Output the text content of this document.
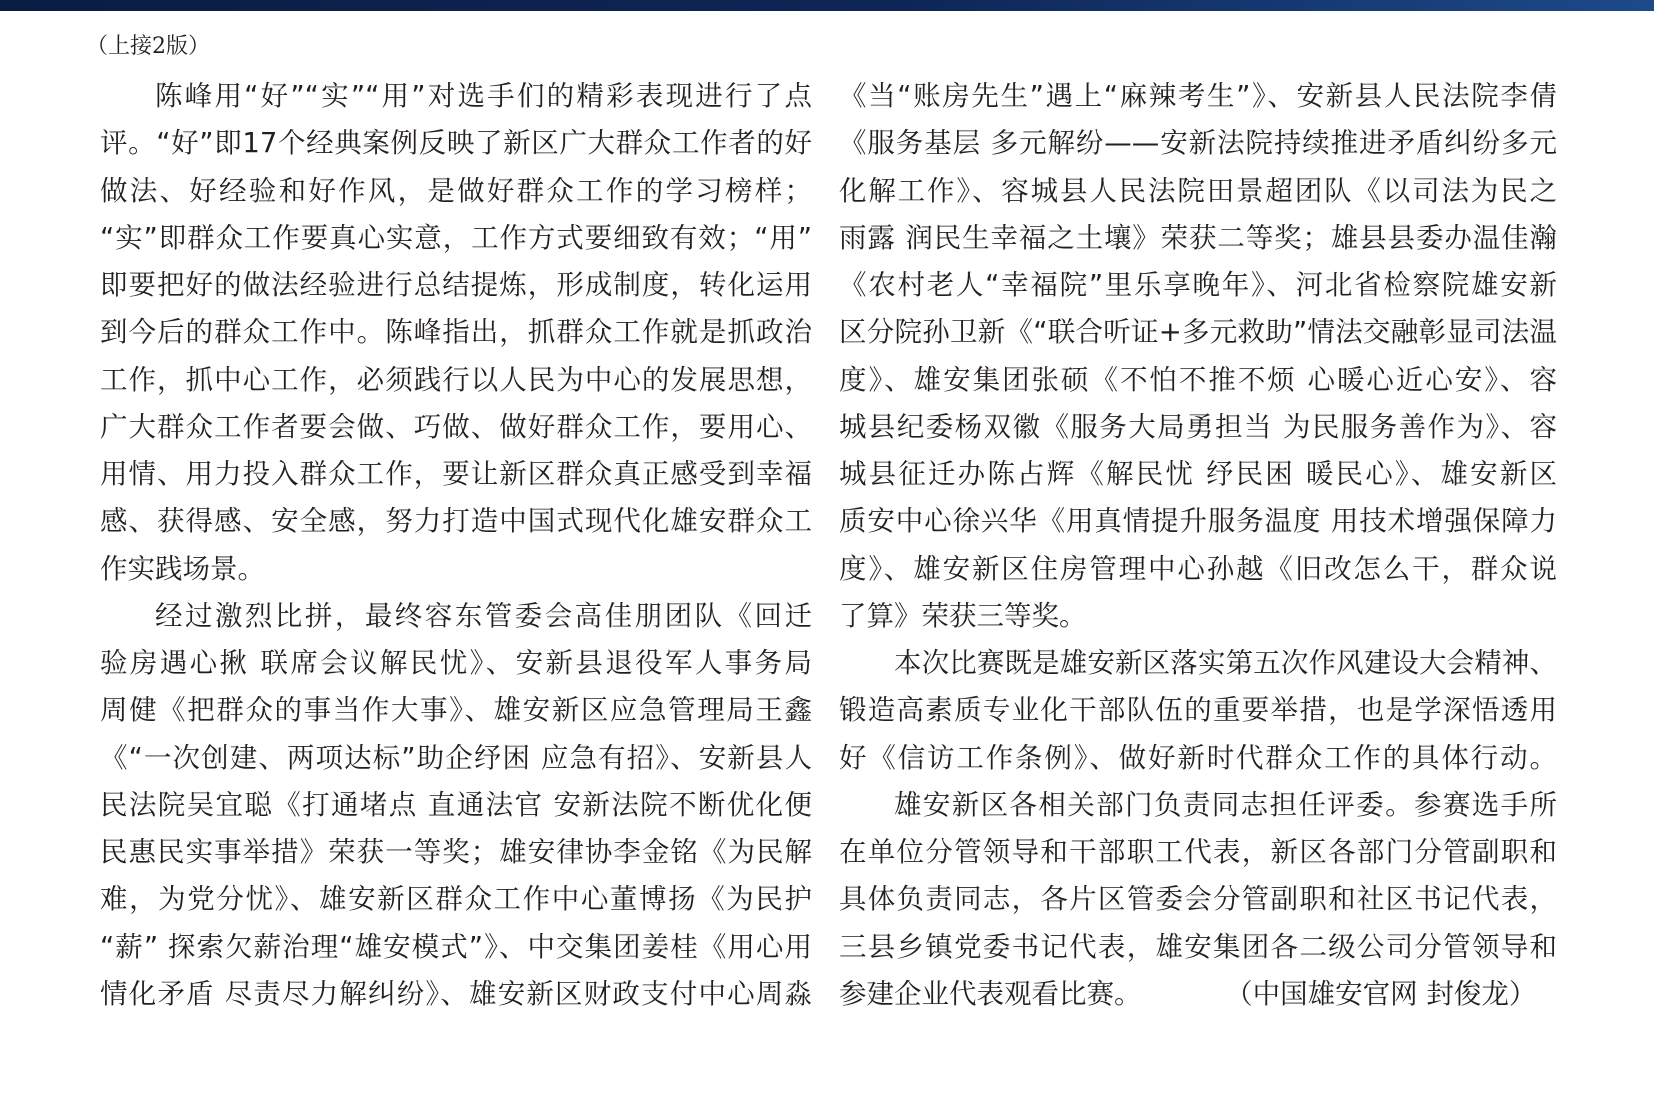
（上接2版）
陈峰用“好”“实”“用”对选手们的精彩表现进行了点
评。“好”即17个经典案例反映了新区广大群众工作者的好
做法、好经验和好作风，是做好群众工作的学习榜样；
“实”即群众工作要真心实意，工作方式要细致有效；“用”
即要把好的做法经验进行总结提炼，形成制度，转化运用
到今后的群众工作中。陈峰指出，抓群众工作就是抓政治
工作，抓中心工作，必须践行以人民为中心的发展思想，
广大群众工作者要会做、巧做、做好群众工作，要用心、
用情、用力投入群众工作，要让新区群众真正感受到幸福
感、获得感、安全感，努力打造中国式现代化雄安群众工
作实践场景。
经过激烈比拼，最终容东管委会高佳朋团队《回迁
验房遇心揪 联席会议解民忧》、安新县退役军人事务局
周健《把群众的事当作大事》、雄安新区应急管理局王鑫
《“一次创建、两项达标”助企纾困 应急有招》、安新县人
民法院吴宜聪《打通堵点 直通法官 安新法院不断优化便
民惠民实事举措》荣获一等奖；雄安律协李金铭《为民解
难，为党分忧》、雄安新区群众工作中心董博扬《为民护
“薪” 探索欠薪治理“雄安模式”》、中交集团姜桂《用心用
情化矛盾 尽责尽力解纠纷》、雄安新区财政支付中心周淼
《当“账房先生”遇上“麻辣考生”》、安新县人民法院李倩
《服务基层 多元解纷——安新法院持续推进矛盾纠纷多元
化解工作》、容城县人民法院田景超团队《以司法为民之
雨露 润民生幸福之土壤》荣获二等奖；雄县县委办温佳瀚
《农村老人“幸福院”里乐享晚年》、河北省检察院雄安新
区分院孙卫新《“联合听证+多元救助”情法交融彰显司法温
度》、雄安集团张硕《不怕不推不烦 心暖心近心安》、容
城县纪委杨双徽《服务大局勇担当 为民服务善作为》、容
城县征迁办陈占辉《解民忧 纾民困 暖民心》、雄安新区
质安中心徐兴华《用真情提升服务温度 用技术增强保障力
度》、雄安新区住房管理中心孙越《旧改怎么干，群众说
了算》荣获三等奖。
本次比赛既是雄安新区落实第五次作风建设大会精神、
锻造高素质专业化干部队伍的重要举措，也是学深悟透用
好《信访工作条例》、做好新时代群众工作的具体行动。
雄安新区各相关部门负责同志担任评委。参赛选手所
在单位分管领导和干部职工代表，新区各部门分管副职和
具体负责同志，各片区管委会分管副职和社区书记代表，
三县乡镇党委书记代表，雄安集团各二级公司分管领导和
参建企业代表观看比赛。	（中国雄安官网 封俊龙）
